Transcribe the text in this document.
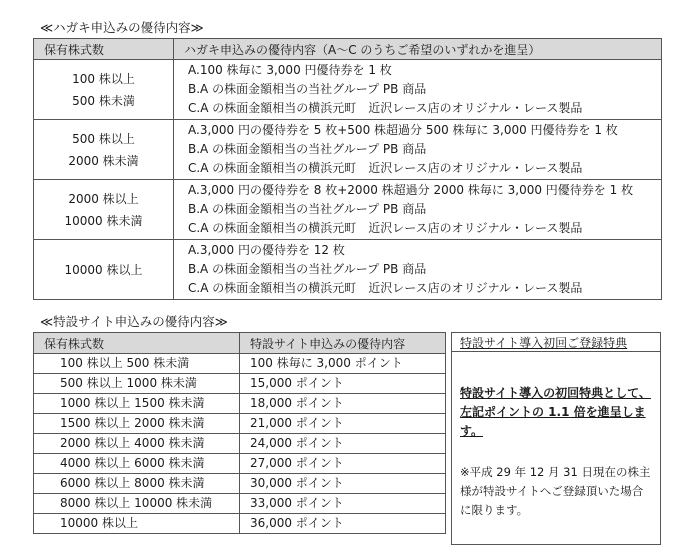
≪ハガキ申込みの優待内容≫
保有株式数	ハガキ申込みの優待内容（A～C のうちご希望のいずれかを進呈）
100 株以上
500 株未満	A.100 株毎に 3,000 円優待券を 1 枚
B.A の株面金額相当の当社グループ PB 商品
C.A の株面金額相当の横浜元町　近沢レース店のオリジナル・レース製品

500 株以上
2000 株未満	A.3,000 円の優待券を 5 枚+500 株超過分 500 株毎に 3,000 円優待券を 1 枚
B.A の株面金額相当の当社グループ PB 商品
C.A の株面金額相当の横浜元町　近沢レース店のオリジナル・レース製品

2000 株以上
10000 株未満	A.3,000 円の優待券を 8 枚+2000 株超過分 2000 株毎に 3,000 円優待券を 1 枚
B.A の株面金額相当の当社グループ PB 商品
C.A の株面金額相当の横浜元町　近沢レース店のオリジナル・レース製品

10000 株以上	A.3,000 円の優待券を 12 枚
B.A の株面金額相当の当社グループ PB 商品
C.A の株面金額相当の横浜元町　近沢レース店のオリジナル・レース製品
≪特設サイト申込みの優待内容≫
保有株式数	特設サイト申込みの優待内容
100 株以上 500 株未満	100 株毎に 3,000 ポイント
500 株以上 1000 株未満	15,000 ポイント
1000 株以上 1500 株未満	18,000 ポイント
1500 株以上 2000 株未満	21,000 ポイント
2000 株以上 4000 株未満	24,000 ポイント
4000 株以上 6000 株未満	27,000 ポイント
6000 株以上 8000 株未満	30,000 ポイント
8000 株以上 10000 株未満	33,000 ポイント
10000 株以上	36,000 ポイント
特設サイト導入初回ご登録特典
特設サイト導入の初回特典として、
左記ポイントの 1.1 倍を進呈します。
※平成 29 年 12 月 31 日現在の株主様が特設サイトへご登録頂いた場合に限ります。
